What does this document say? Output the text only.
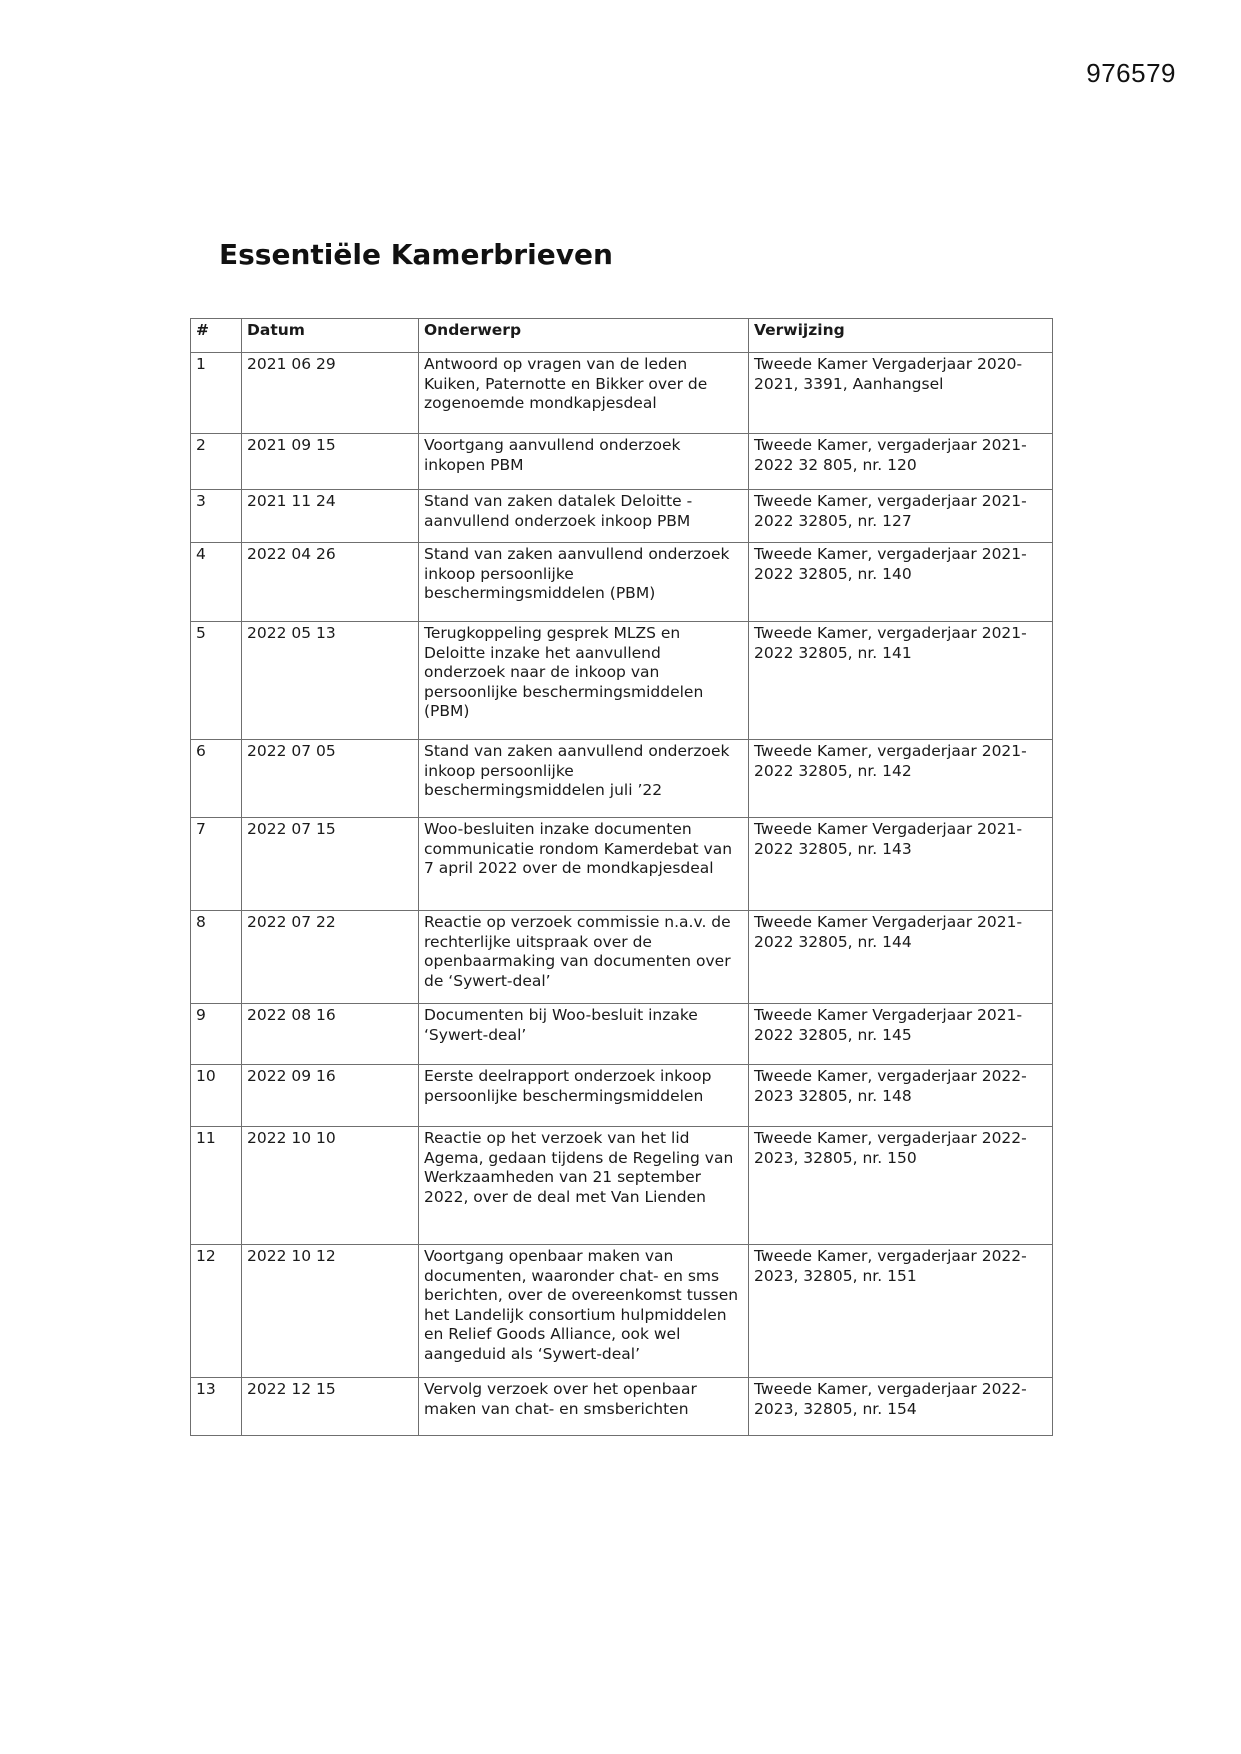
976579
Essentiële Kamerbrieven
#	Datum	Onderwerp	Verwijzing
1	2021 06 29	Antwoord op vragen van de leden Kuiken, Paternotte en Bikker over de zogenoemde mondkapjesdeal	Tweede Kamer Vergaderjaar 2020-2021, 3391, Aanhangsel
2	2021 09 15	Voortgang aanvullend onderzoek inkopen PBM	Tweede Kamer, vergaderjaar 2021-2022 32 805, nr. 120
3	2021 11 24	Stand van zaken datalek Deloitte - aanvullend onderzoek inkoop PBM	Tweede Kamer, vergaderjaar 2021-2022 32805, nr. 127
4	2022 04 26	Stand van zaken aanvullend onderzoek inkoop persoonlijke beschermingsmiddelen (PBM)	Tweede Kamer, vergaderjaar 2021-2022 32805, nr. 140
5	2022 05 13	Terugkoppeling gesprek MLZS en Deloitte inzake het aanvullend onderzoek naar de inkoop van persoonlijke beschermingsmiddelen (PBM)	Tweede Kamer, vergaderjaar 2021-2022 32805, nr. 141
6	2022 07 05	Stand van zaken aanvullend onderzoek inkoop persoonlijke beschermingsmiddelen juli ’22	Tweede Kamer, vergaderjaar 2021-2022 32805, nr. 142
7	2022 07 15	Woo-besluiten inzake documenten communicatie rondom Kamerdebat van 7 april 2022 over de mondkapjesdeal	Tweede Kamer Vergaderjaar 2021-2022 32805, nr. 143
8	2022 07 22	Reactie op verzoek commissie n.a.v. de rechterlijke uitspraak over de openbaarmaking van documenten over de ‘Sywert-deal’	Tweede Kamer Vergaderjaar 2021-2022 32805, nr. 144
9	2022 08 16	Documenten bij Woo-besluit inzake ‘Sywert-deal’	Tweede Kamer Vergaderjaar 2021-2022 32805, nr. 145
10	2022 09 16	Eerste deelrapport onderzoek inkoop persoonlijke beschermingsmiddelen	Tweede Kamer, vergaderjaar 2022-2023 32805, nr. 148
11	2022 10 10	Reactie op het verzoek van het lid Agema, gedaan tijdens de Regeling van Werkzaamheden van 21 september 2022, over de deal met Van Lienden	Tweede Kamer, vergaderjaar 2022-2023, 32805, nr. 150
12	2022 10 12	Voortgang openbaar maken van documenten, waaronder chat- en sms berichten, over de overeenkomst tussen het Landelijk consortium hulpmiddelen en Relief Goods Alliance, ook wel aangeduid als ‘Sywert-deal’	Tweede Kamer, vergaderjaar 2022-2023, 32805, nr. 151
13	2022 12 15	Vervolg verzoek over het openbaar maken van chat- en smsberichten	Tweede Kamer, vergaderjaar 2022-2023, 32805, nr. 154
